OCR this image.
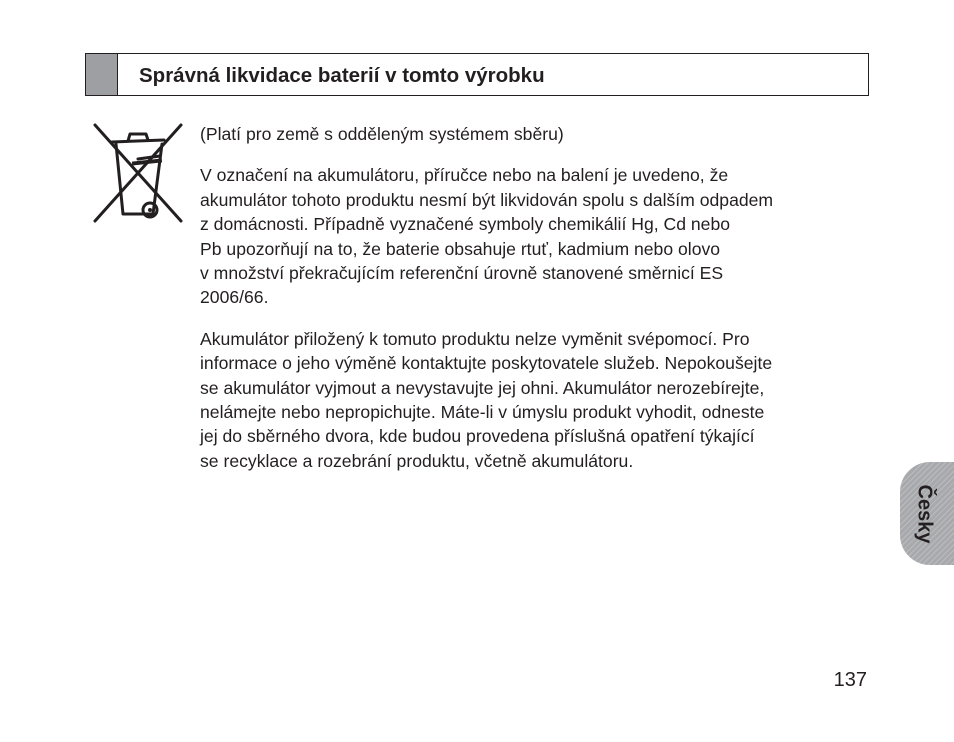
Správná likvidace baterií v tomto výrobku

(Platí pro země s odděleným systémem sběru)

V označení na akumulátoru, příručce nebo na balení je uvedeno, že

akumulátor tohoto produktu nesmí být likvidován spolu s dalším odpadem

z domácnosti. Případně vyznačené symboly chemikálií Hg, Cd nebo

Pb upozorňují na to, že baterie obsahuje rtuť, kadmium nebo olovo

v množství překračujícím referenční úrovně stanovené směrnicí ES

2006/66.

Akumulátor přiložený k tomuto produktu nelze vyměnit svépomocí. Pro

informace o jeho výměně kontaktujte poskytovatele služeb. Nepokoušejte

se akumulátor vyjmout a nevystavujte jej ohni. Akumulátor nerozebírejte,

nelámejte nebo nepropichujte. Máte-li v úmyslu produkt vyhodit, odneste

jej do sběrného dvora, kde budou provedena příslušná opatření týkající

se recyklace a rozebrání produktu, včetně akumulátoru.

Česky
137
